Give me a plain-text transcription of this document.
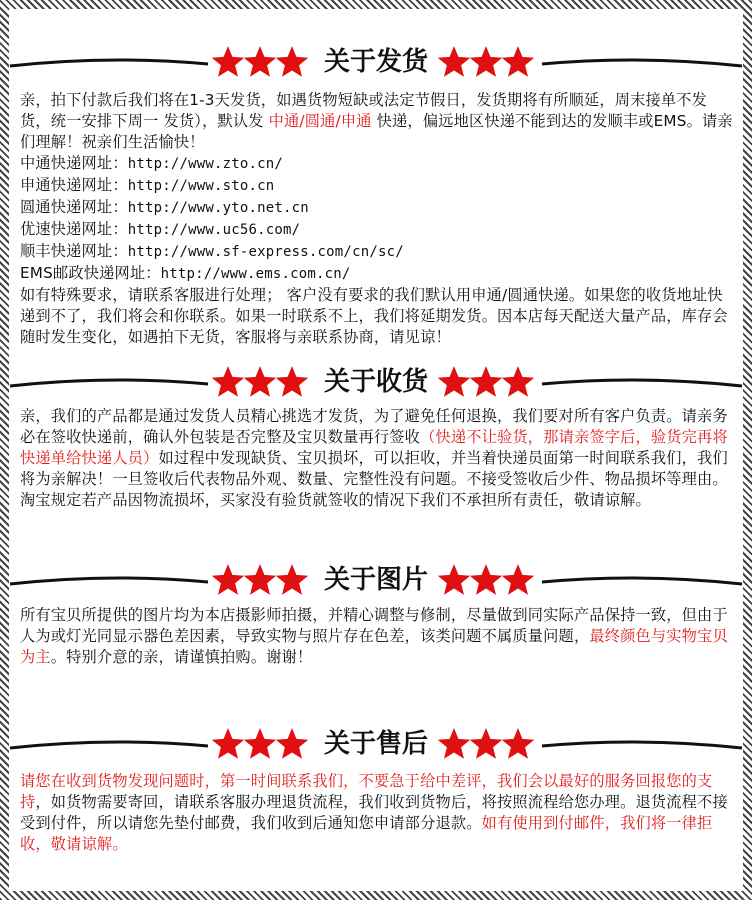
关于发货

亲，拍下付款后我们将在1-3天发货，如遇货物短缺或法定节假日，发货期将有所顺延，周末接单不发货，统一安排下周一 发货），默认发 中通/圆通/申通 快递，偏远地区快递不能到达的发顺丰或EMS。请亲们理解！祝亲们生活愉快！

中通快递网址：http://www.zto.cn/
申通快递网址：http://www.sto.cn
圆通快递网址：http://www.yto.net.cn
优速快递网址：http://www.uc56.com/
顺丰快递网址：http://www.sf-express.com/cn/sc/
EMS邮政快递网址：http://www.ems.com.cn/

如有特殊要求，请联系客服进行处理； 客户没有要求的我们默认用申通/圆通快递。如果您的收货地址快递到不了，我们将会和你联系。如果一时联系不上，我们将延期发货。因本店每天配送大量产品，库存会随时发生变化，如遇拍下无货，客服将与亲联系协商，请见谅！

关于收货

亲，我们的产品都是通过发货人员精心挑选才发货，为了避免任何退换，我们要对所有客户负责。请亲务必在签收快递前，确认外包装是否完整及宝贝数量再行签收（快递不让验货，那请亲签字后，验货完再将快递单给快递人员）如过程中发现缺货、宝贝损坏，可以拒收，并当着快递员面第一时间联系我们，我们将为亲解决！一旦签收后代表物品外观、数量、完整性没有问题。不接受签收后少件、物品损坏等理由。淘宝规定若产品因物流损坏，买家没有验货就签收的情况下我们不承担所有责任，敬请谅解。

关于图片

所有宝贝所提供的图片均为本店摄影师拍摄，并精心调整与修制，尽量做到同实际产品保持一致，但由于人为或灯光同显示器色差因素，导致实物与照片存在色差，该类问题不属质量问题，最终颜色与实物宝贝为主。特别介意的亲，请谨慎拍购。谢谢！

关于售后

请您在收到货物发现问题时，第一时间联系我们，不要急于给中差评，我们会以最好的服务回报您的支持，如货物需要寄回，请联系客服办理退货流程，我们收到货物后，将按照流程给您办理。退货流程不接受到付件，所以请您先垫付邮费，我们收到后通知您申请部分退款。如有使用到付邮件，我们将一律拒收，敬请谅解。
